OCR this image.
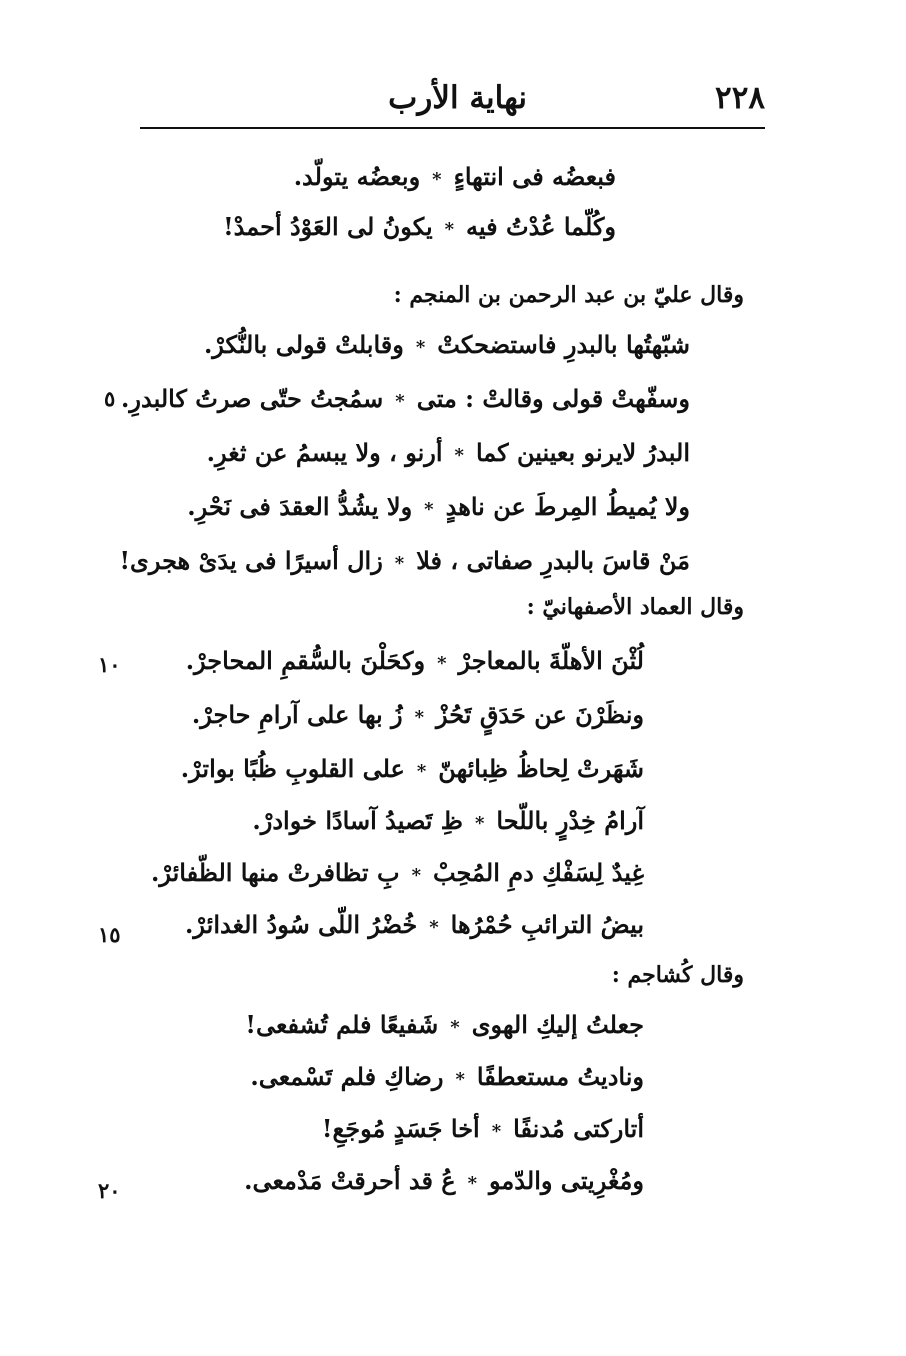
٢٢٨
نهاية الأرب
فبعضُه فى انتهاءٍ*وبعضُه يتولّد.
وكُلّما عُدْتُ فيه*يكونُ لى العَوْدُ أحمدْ!
وقال عليّ بن عبد الرحمن بن المنجم :
شبّهتُها بالبدرِ فاستضحكتْ*وقابلتْ قولى بالنُّكرْ.
وسفّهتْ قولى وقالتْ : متى*سمُجتُ حتّى صرتُ كالبدرِ.
البدرُ لايرنو بعينين كما*أرنو ، ولا يبسمُ عن ثغرِ.
ولا يُميطُ المِرطَ عن ناهدٍ*ولا يشُدُّ العقدَ فى نَحْرِ.
مَنْ قاسَ بالبدرِ صفاتى ، فلا*زال أسيرًا فى يدَىْ هجرى!
وقال العماد الأصفهانيّ :
لُثْنَ الأهلّةَ بالمعاجرْ*وكحَلْنَ بالسُّقمِ المحاجرْ.
ونظَرْنَ عن حَدَقٍ تَحُزْ*زُ بها على آرامِ حاجرْ.
شَهَرتْ لِحاظُ ظِبائهنّ*على القلوبِ ظُبًا بواترْ.
آرامُ خِدْرٍ باللّحا*ظِ تَصيدُ آسادًا خوادرْ.
غِيدٌ لِسَفْكِ دمِ المُحِبْ*بِ تظافرتْ منها الظّفائرْ.
بيضُ الترائبِ حُمْرُها*خُضْرُ اللّى سُودُ الغدائرْ.
وقال كُشاجم :
جعلتُ إليكِ الهوى*شَفيعًا فلم تُشفعى!
وناديتُ مستعطفًا*رضاكِ فلم تَسْمعى.
أتاركتى مُدنفًا*أخا جَسَدٍ مُوجَعِ!
ومُغْرِيتى والدّمو*عُ قد أحرقتْ مَدْمعى.
٥
١٠
١٥
٢٠
